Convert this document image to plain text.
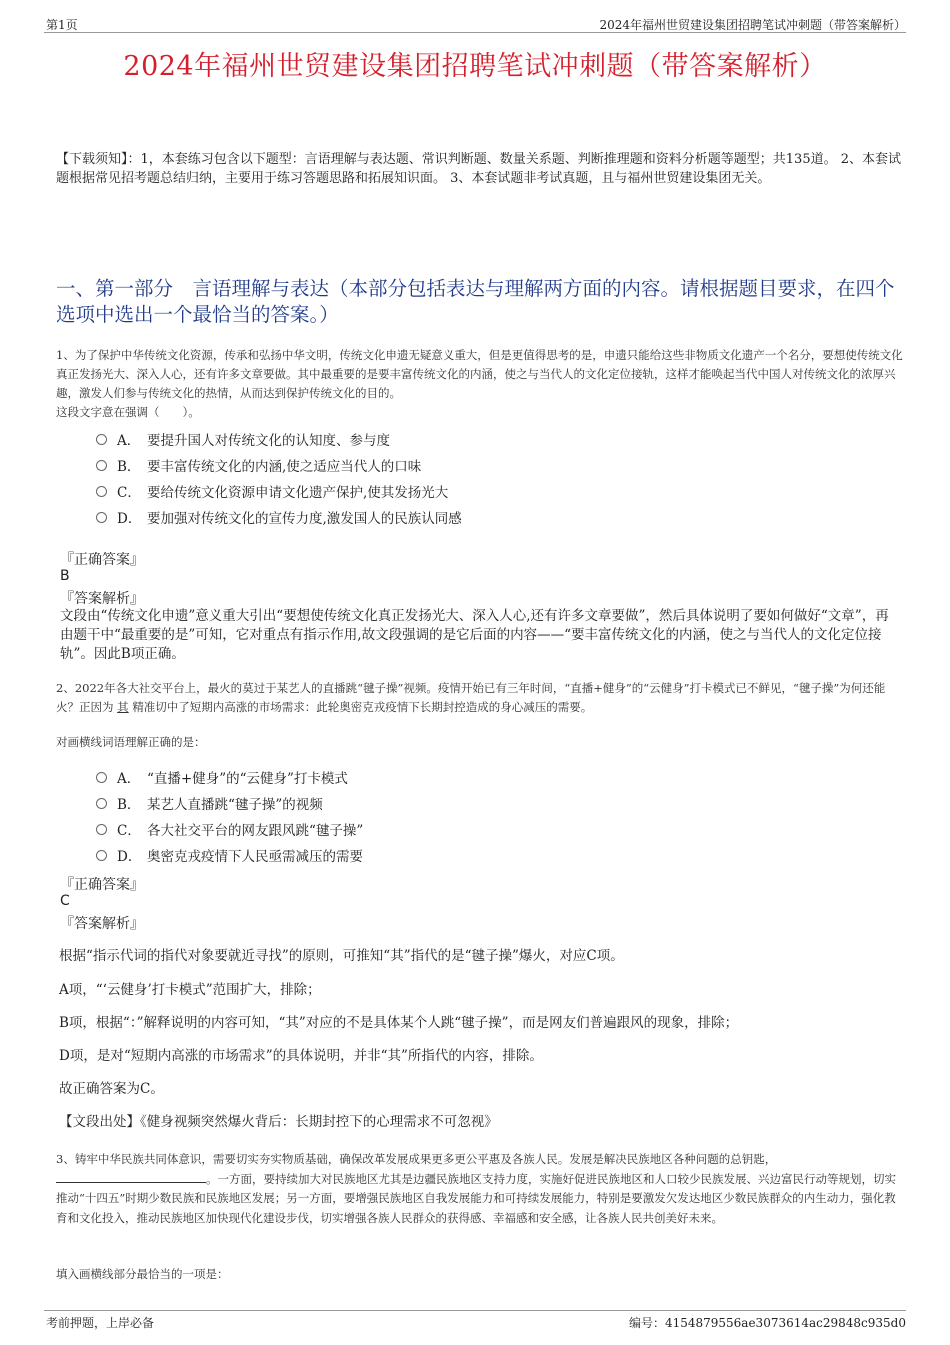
第1页	2024年福州世贸建设集团招聘笔试冲刺题（带答案解析）
2024年福州世贸建设集团招聘笔试冲刺题（带答案解析）
【下载须知】：1，本套练习包含以下题型：言语理解与表达题、常识判断题、数量关系题、判断推理题和资料分析题等题型；共135道。 2、本套试题根据常见招考题总结归纳，主要用于练习答题思路和拓展知识面。 3、本套试题非考试真题，且与福州世贸建设集团无关。
一、第一部分　言语理解与表达（本部分包括表达与理解两方面的内容。请根据题目要求，在四个选项中选出一个最恰当的答案。）
1、为了保护中华传统文化资源，传承和弘扬中华文明，传统文化申遗无疑意义重大，但是更值得思考的是，申遗只能给这些非物质文化遗产一个名分，要想使传统文化真正发扬光大、深入人心，还有许多文章要做。其中最重要的是要丰富传统文化的内涵，使之与当代人的文化定位接轨，这样才能唤起当代中国人对传统文化的浓厚兴趣，激发人们参与传统文化的热情，从而达到保护传统文化的目的。
这段文字意在强调（　　）。
A． 要提升国人对传统文化的认知度、参与度
B． 要丰富传统文化的内涵,使之适应当代人的口味
C． 要给传统文化资源申请文化遗产保护,使其发扬光大
D． 要加强对传统文化的宣传力度,激发国人的民族认同感
『正确答案』
B
『答案解析』
文段由“传统文化申遗”意义重大引出“要想使传统文化真正发扬光大、深入人心,还有许多文章要做”，然后具体说明了要如何做好“文章”，再由题干中“最重要的是”可知，它对重点有指示作用,故文段强调的是它后面的内容——“要丰富传统文化的内涵，使之与当代人的文化定位接轨”。因此B项正确。
2、2022年各大社交平台上，最火的莫过于某艺人的直播跳“毽子操”视频。疫情开始已有三年时间，“直播+健身”的“云健身”打卡模式已不鲜见，“毽子操”为何还能火？正因为 其 精准切中了短期内高涨的市场需求：此轮奥密克戎疫情下长期封控造成的身心减压的需要。
对画横线词语理解正确的是：
A． “直播+健身”的“云健身”打卡模式
B． 某艺人直播跳“毽子操”的视频
C． 各大社交平台的网友跟风跳“毽子操”
D． 奥密克戎疫情下人民亟需减压的需要
『正确答案』
C
『答案解析』
根据“指示代词的指代对象要就近寻找”的原则，可推知“其”指代的是“毽子操”爆火，对应C项。
A项，“‘云健身’打卡模式”范围扩大，排除；
B项，根据“：”解释说明的内容可知，“其”对应的不是具体某个人跳“毽子操”，而是网友们普遍跟风的现象，排除；
D项，是对“短期内高涨的市场需求”的具体说明，并非“其”所指代的内容，排除。
故正确答案为C。
【文段出处】《健身视频突然爆火背后：长期封控下的心理需求不可忽视》
3、铸牢中华民族共同体意识，需要切实夯实物质基础，确保改革发展成果更多更公平惠及各族人民。发展是解决民族地区各种问题的总钥匙，。一方面，要持续加大对民族地区尤其是边疆民族地区支持力度，实施好促进民族地区和人口较少民族发展、兴边富民行动等规划，切实推动“十四五”时期少数民族和民族地区发展；另一方面，要增强民族地区自我发展能力和可持续发展能力，特别是要激发欠发达地区少数民族群众的内生动力，强化教育和文化投入，推动民族地区加快现代化建设步伐，切实增强各族人民群众的获得感、幸福感和安全感，让各族人民共创美好未来。
填入画横线部分最恰当的一项是：
考前押题，上岸必备	编号：4154879556ae3073614ac29848c935d0
